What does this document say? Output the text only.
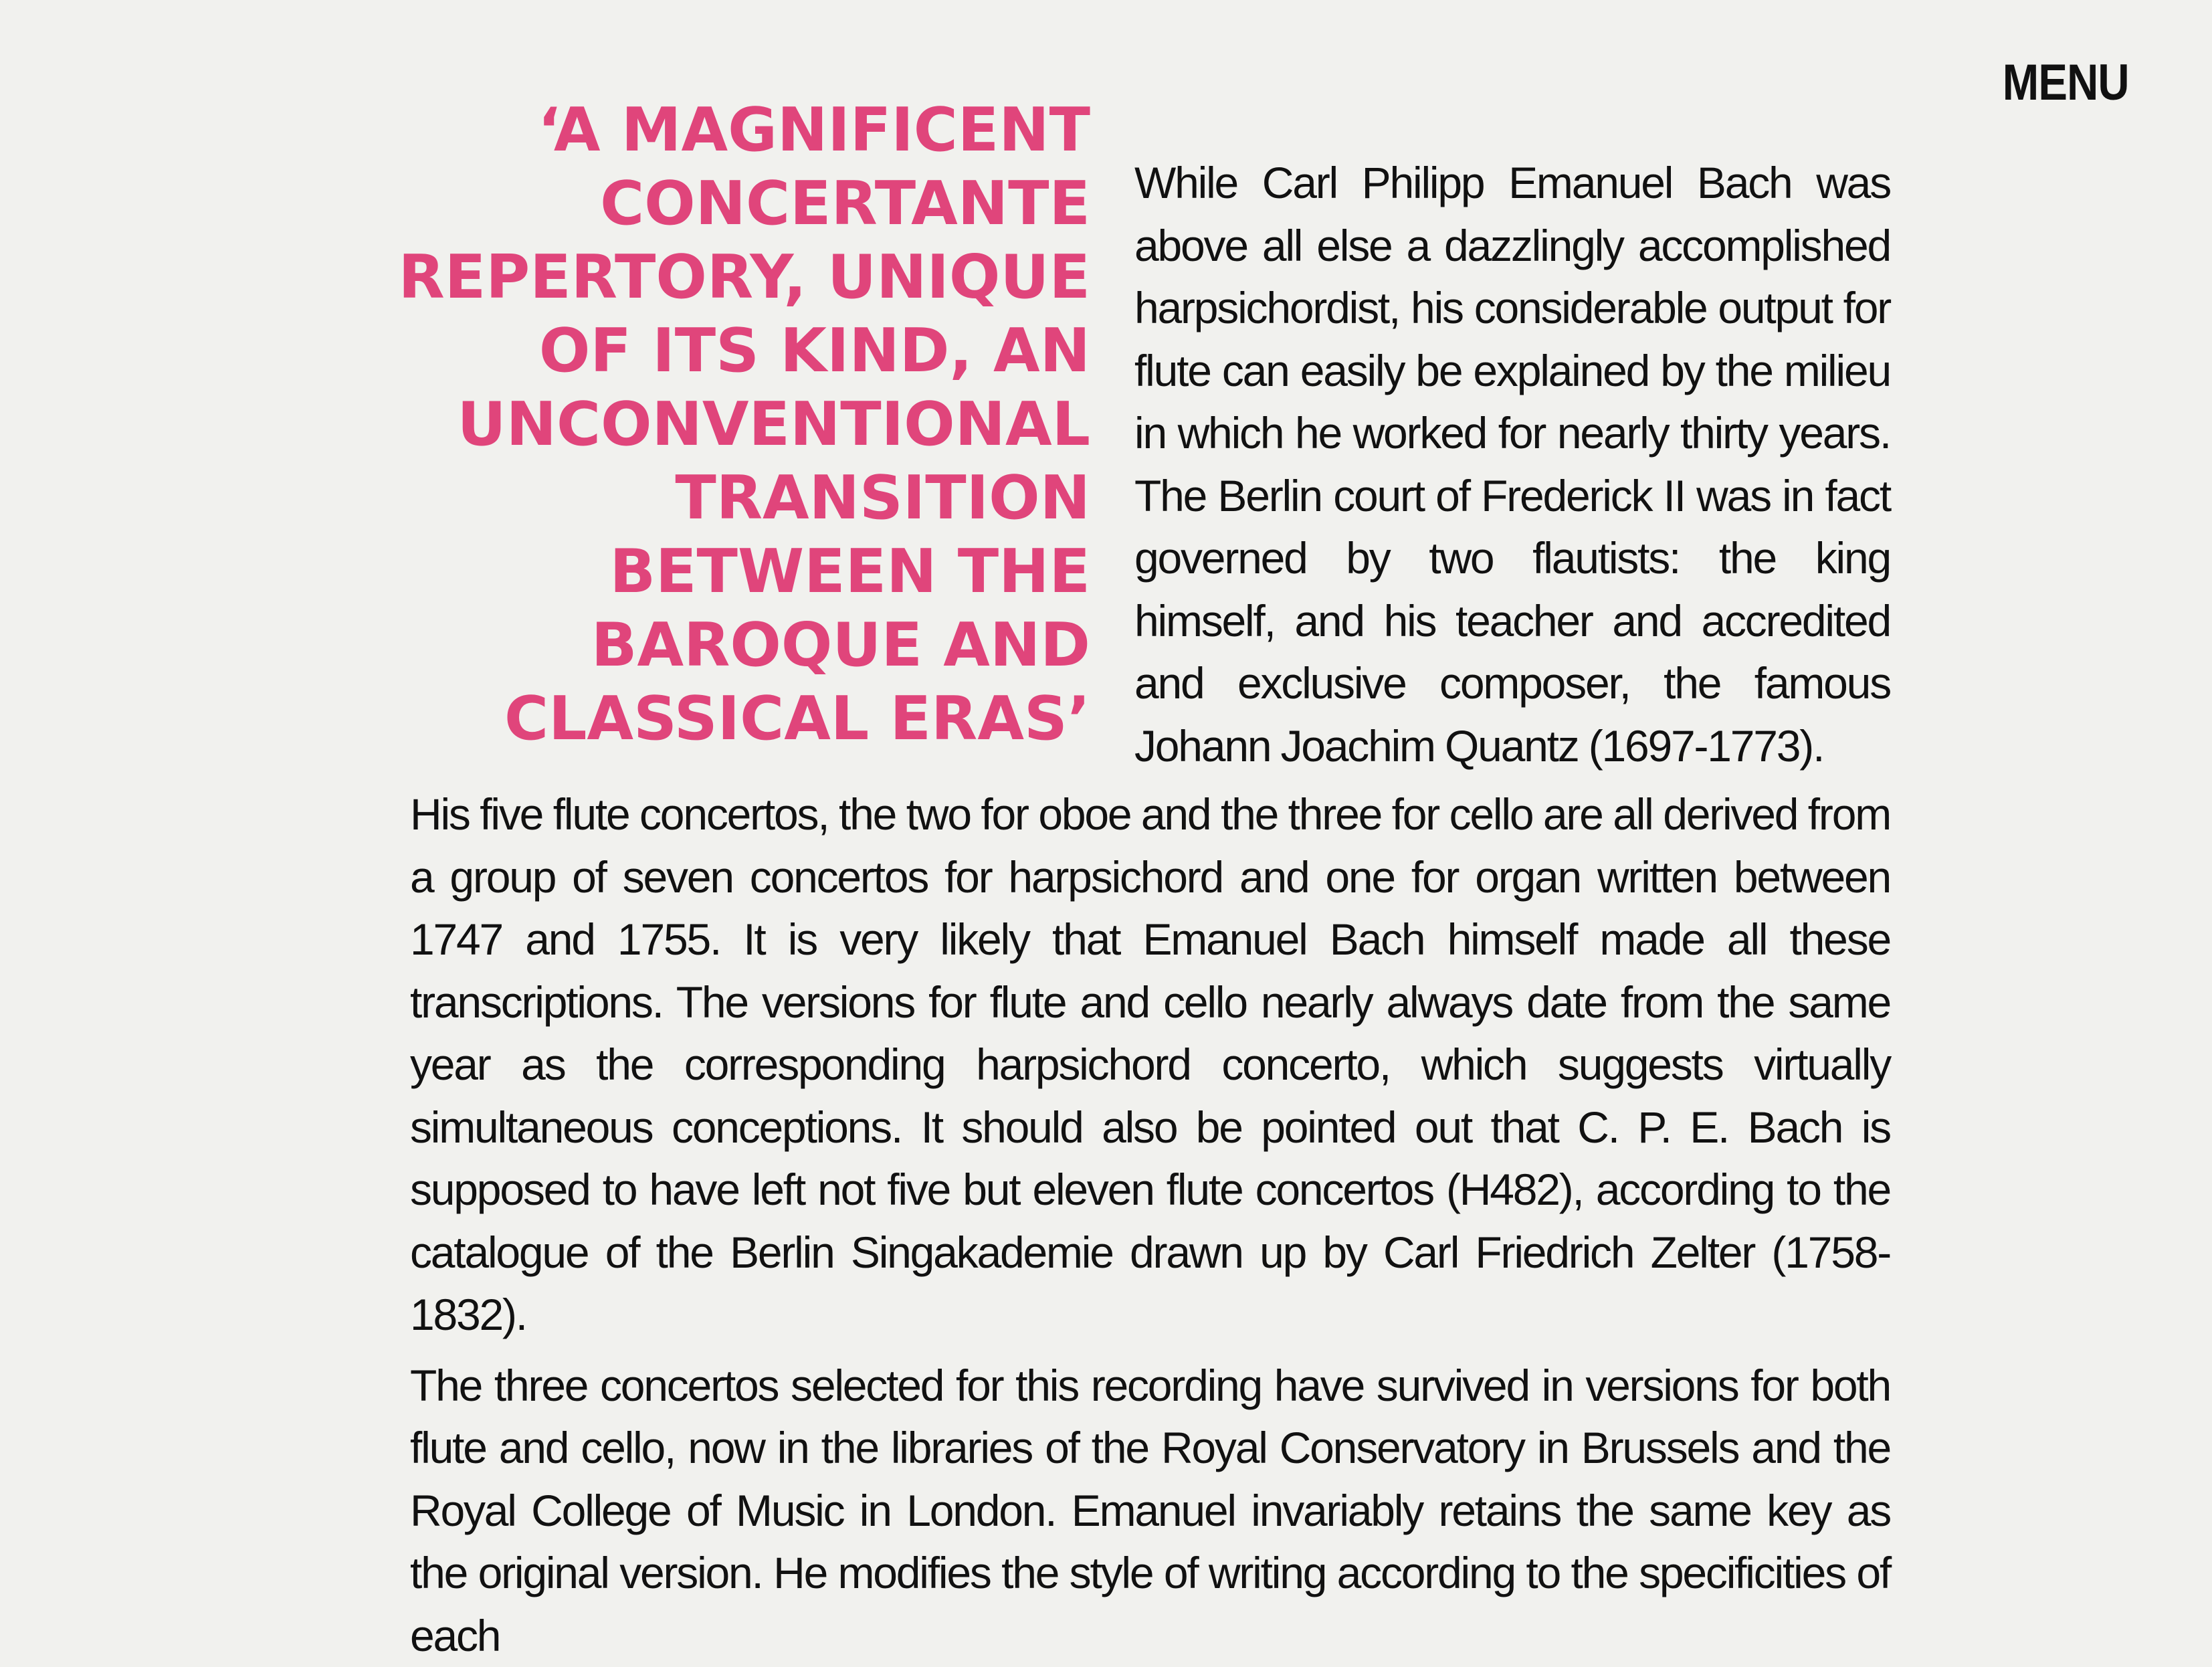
MENU
‘A MAGNIFICENT
CONCERTANTE
REPERTORY, UNIQUE
OF ITS KIND, AN
UNCONVENTIONAL
TRANSITION
BETWEEN THE
BAROQUE AND
CLASSICAL ERAS’

While Carl Philipp Emanuel Bach was above all else a dazzlingly accomplished harpsichordist, his considerable output for flute can easily be explained by the milieu in which he worked for nearly thirty years. The Berlin court of Frederick II was in fact governed by two flautists: the king himself, and his teacher and accredited and exclusive composer, the famous Johann Joachim Quantz (1697-1773).

His five flute concertos, the two for oboe and the three for cello are all derived from a group of seven concertos for harpsichord and one for organ written between 1747 and 1755. It is very likely that Emanuel Bach himself made all these transcriptions. The versions for flute and cello nearly always date from the same year as the corresponding harpsichord concerto, which suggests virtually simultaneous conceptions. It should also be pointed out that C. P. E. Bach is supposed to have left not five but eleven flute concertos (H482), according to the catalogue of the Berlin Singakademie drawn up by Carl Friedrich Zelter (1758-1832).

The three concertos selected for this recording have survived in versions for both flute and cello, now in the libraries of the Royal Conservatory in Brussels and the Royal College of Music in London. Emanuel invariably retains the same key as the original version. He modifies the style of writing according to the specificities of each
